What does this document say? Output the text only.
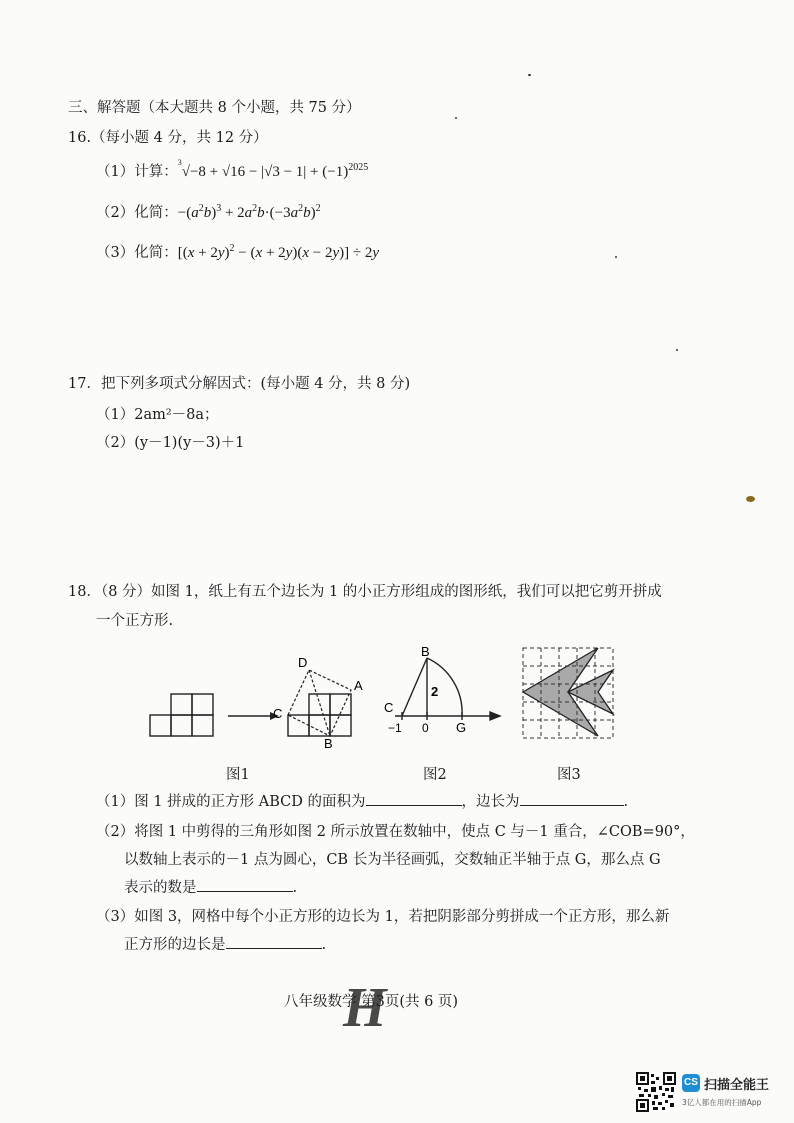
三、解答题（本大题共 8 个小题，共 75 分）
16.（每小题 4 分，共 12 分）
（1）计算：$^3√-8 + √16 - |√3 - 1| + (-1)^{2025}$
（2）化简：$-(a^2b)^3 + 2a^2b\cdot(-3a^2b)^2$
（3）化简：$[(x + 2y)^2 - (x + 2y)(x - 2y)] \div 2y$
17．把下列多项式分解因式：(每小题 4 分，共 8 分)
（1）2am²－8a；
（2）(y－1)(y－3)＋1
18．（8 分）如图 1，纸上有五个边长为 1 的小正方形组成的图形纸，我们可以把它剪开拼成
一个正方形.
D
A
C
B
B
2
C
−1 0 G
图1	图2	图3
（1）图 1 拼成的正方形 ABCD 的面积为	，边长为	.
（2）将图 1 中剪得的三角形如图 2 所示放置在数轴中，使点 C 与－1 重合，∠COB=90°，
以数轴上表示的－1 点为圆心，CB 长为半径画弧，交数轴正半轴于点 G，那么点 G
表示的数是	.
（3）如图 3，网格中每个小正方形的边长为 1，若把阴影部分剪拼成一个正方形，那么新
正方形的边长是	.
H
八年级数学 第3页(共 6 页)
CS 扫描全能王
3亿人都在用的扫描App
